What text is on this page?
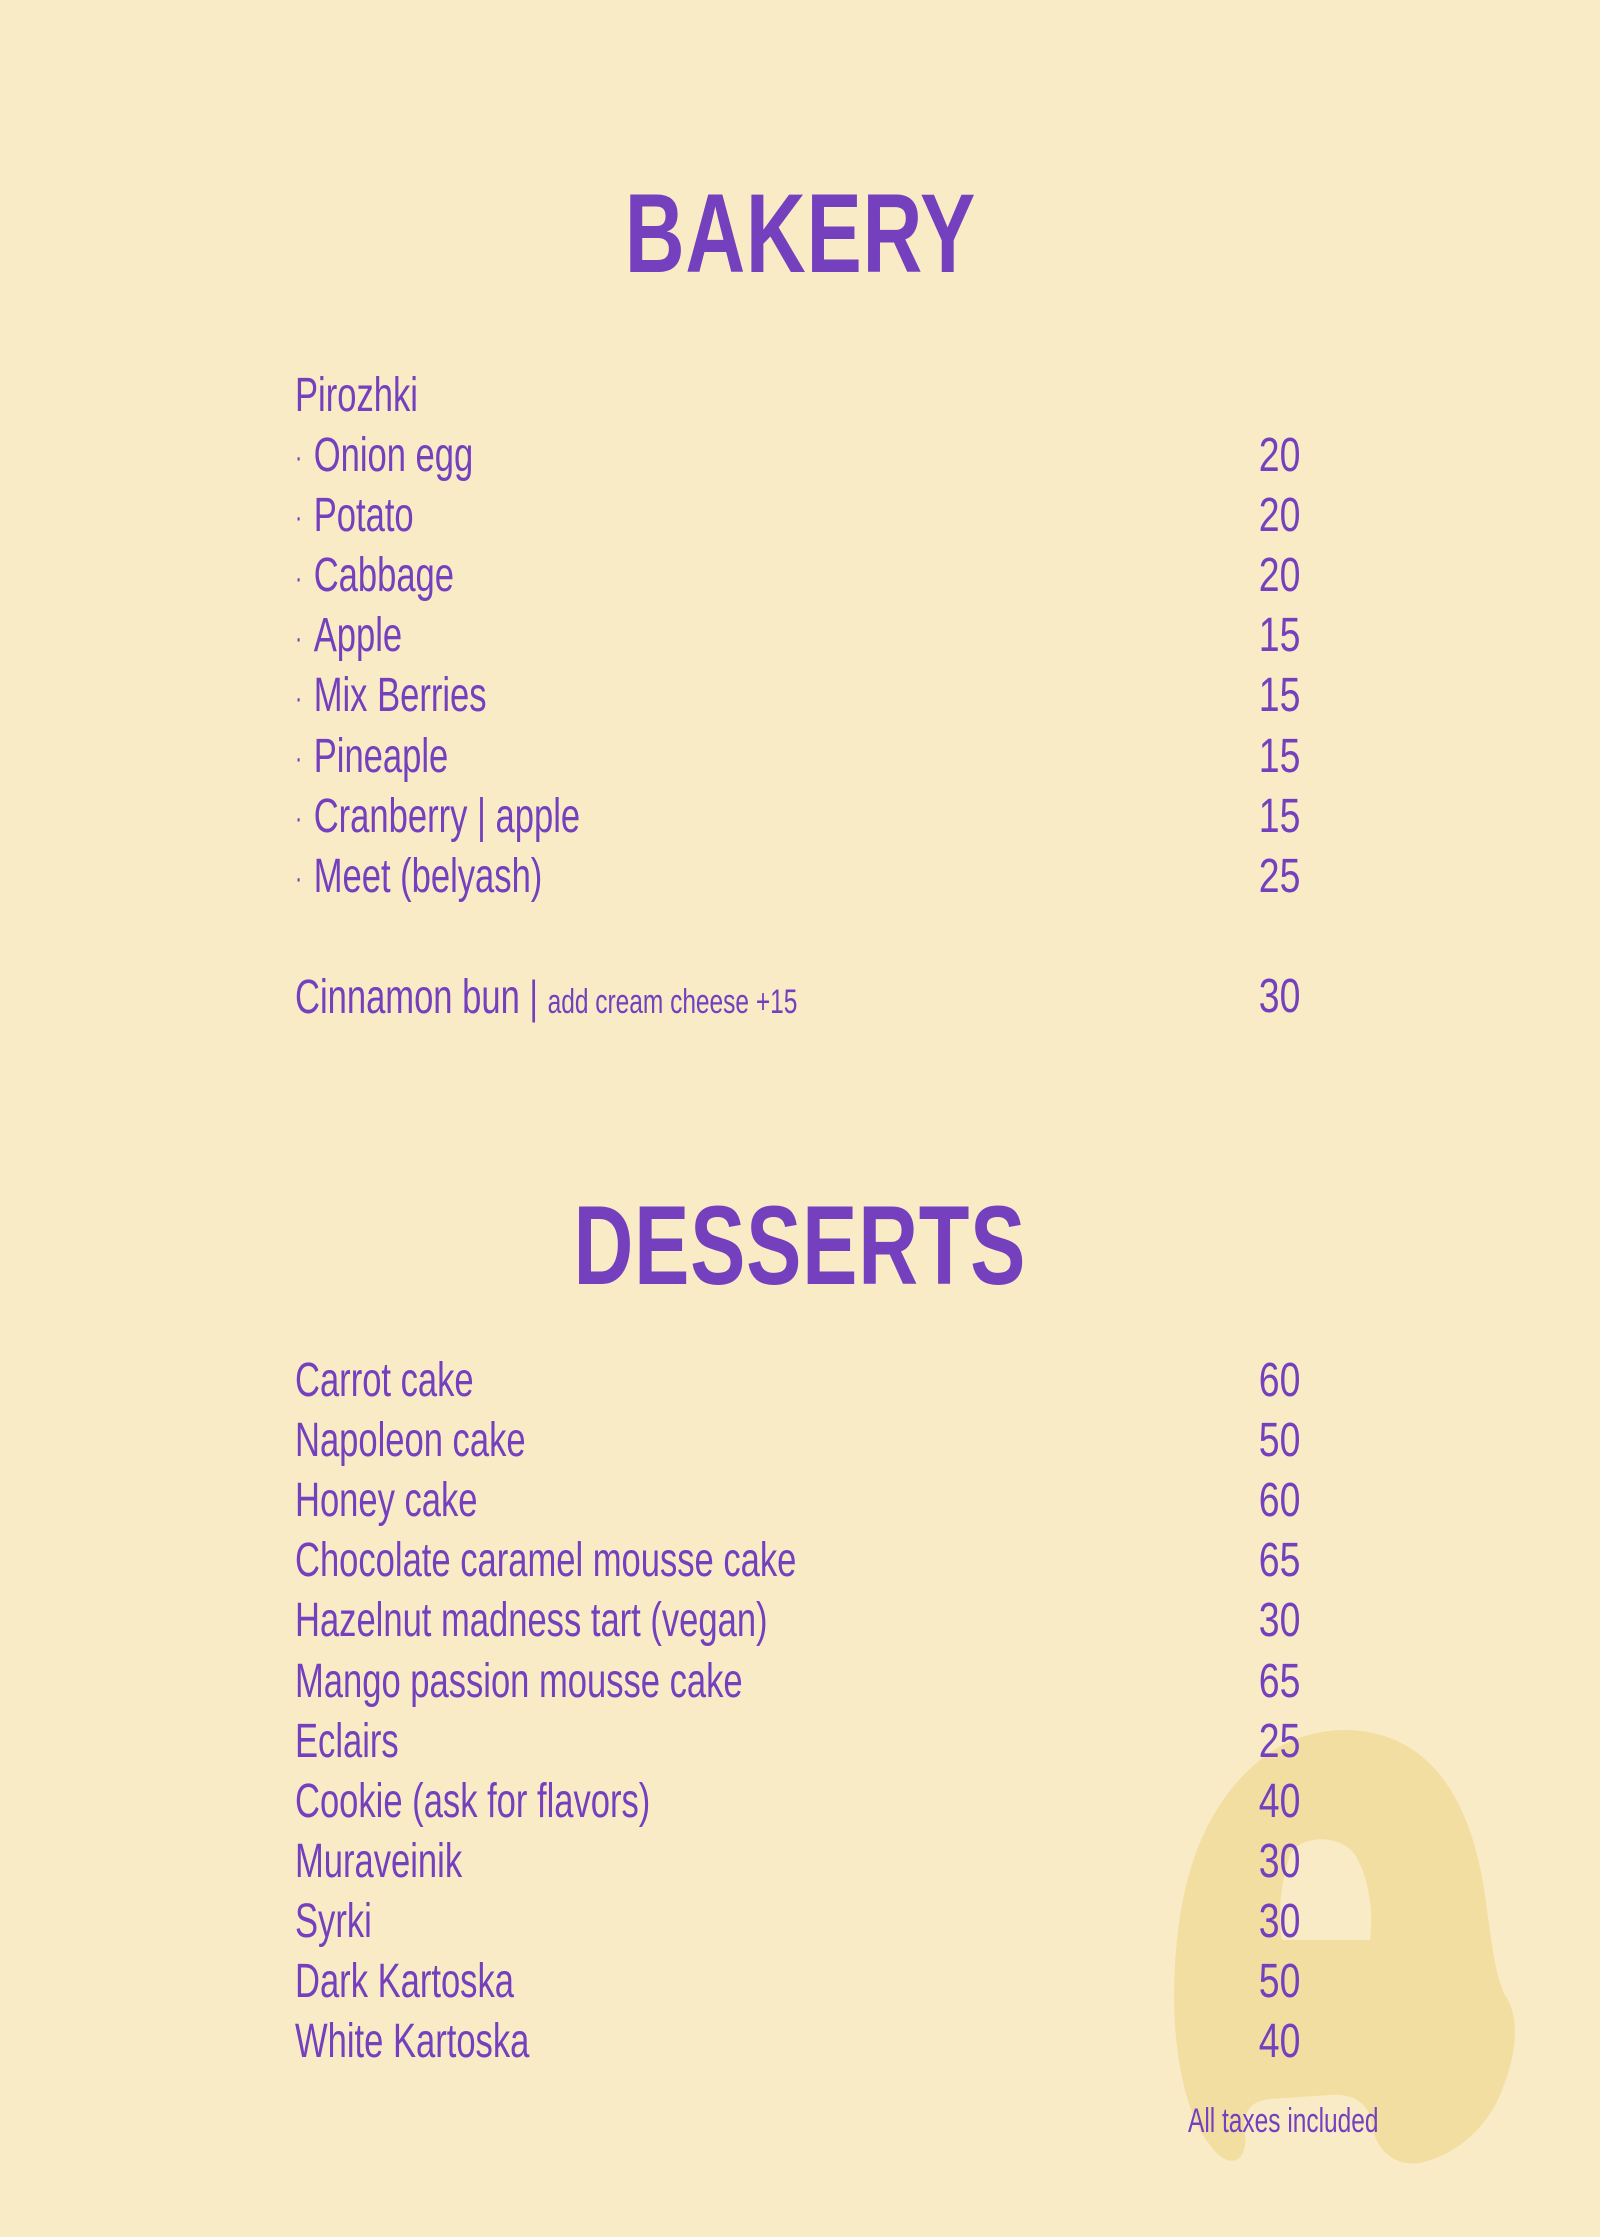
BAKERY
Pirozhki
· Onion egg	20
· Potato	20
· Cabbage	20
· Apple	15
· Mix Berries	15
· Pineaple	15
· Cranberry | apple	15
· Meet (belyash)	25
Cinnamon bun | add cream cheese +15	30
DESSERTS
Carrot cake	60
Napoleon cake	50
Honey cake	60
Chocolate caramel mousse cake	65
Hazelnut madness tart (vegan)	30
Mango passion mousse cake	65
Eclairs	25
Cookie (ask for flavors)	40
Muraveinik	30
Syrki	30
Dark Kartoska	50
White Kartoska	40
All taxes included
